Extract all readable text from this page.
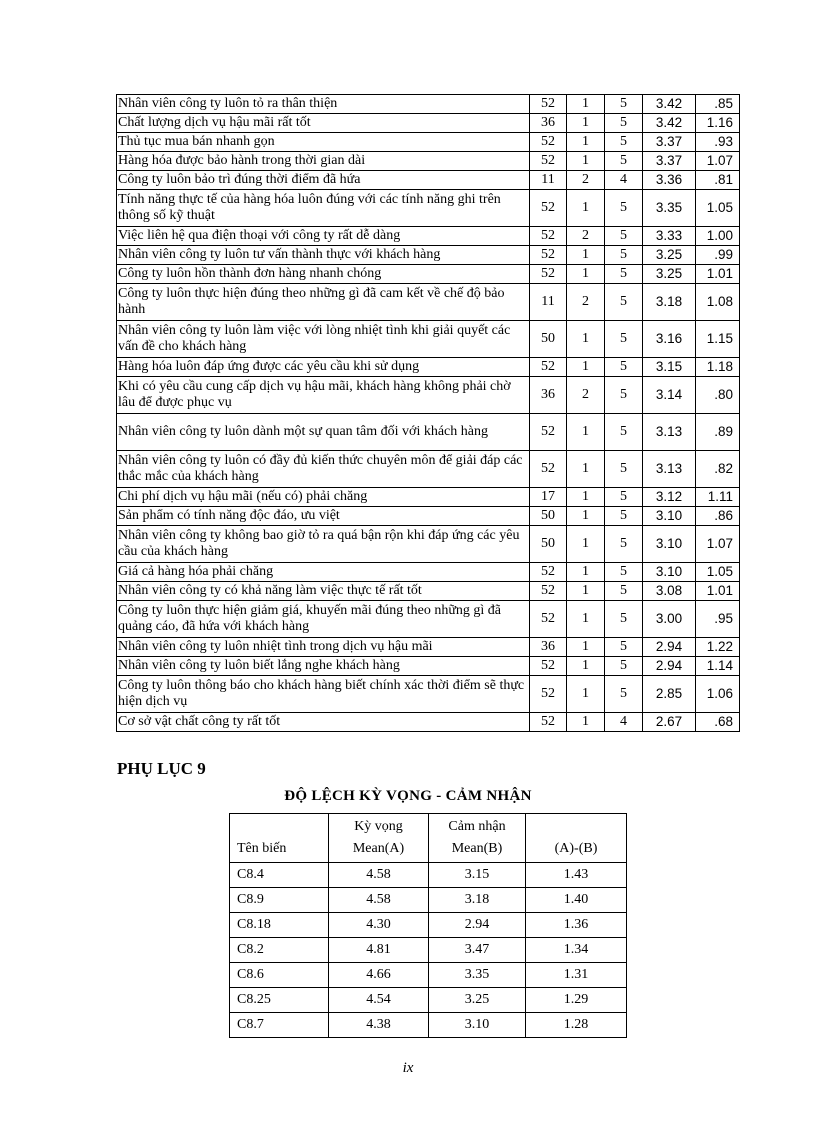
Nhân viên công ty luôn tỏ ra thân thiện	52	1	5	3.42	.85
Chất lượng dịch vụ hậu mãi rất tốt	36	1	5	3.42	1.16
Thủ tục mua bán nhanh gọn	52	1	5	3.37	.93
Hàng hóa được bảo hành trong thời gian dài	52	1	5	3.37	1.07
Công ty luôn bảo trì đúng thời điểm đã hứa	11	2	4	3.36	.81
Tính năng thực tế của hàng hóa luôn đúng với các tính năng ghi trên thông số kỹ thuật	52	1	5	3.35	1.05
Việc liên hệ qua điện thoại với công ty rất dễ dàng	52	2	5	3.33	1.00
Nhân viên công ty luôn tư vấn thành thực với khách hàng	52	1	5	3.25	.99
Công ty luôn hồn thành đơn hàng nhanh chóng	52	1	5	3.25	1.01
Công ty luôn thực hiện đúng theo những gì đã cam kết về chế độ bảo hành	11	2	5	3.18	1.08
Nhân viên công ty luôn làm việc với lòng nhiệt tình khi giải quyết các vấn đề cho khách hàng	50	1	5	3.16	1.15
Hàng hóa luôn đáp ứng được các yêu cầu khi sử dụng	52	1	5	3.15	1.18
Khi có yêu cầu cung cấp dịch vụ hậu mãi, khách hàng không phải chờ lâu để được phục vụ	36	2	5	3.14	.80
Nhân viên công ty luôn dành một sự quan tâm đối với khách hàng	52	1	5	3.13	.89
Nhân viên công ty luôn có đầy đủ kiến thức chuyên môn để giải đáp các thắc mắc của khách hàng	52	1	5	3.13	.82
Chi phí dịch vụ hậu mãi (nếu có) phải chăng	17	1	5	3.12	1.11
Sản phẩm có tính năng độc đáo, ưu việt	50	1	5	3.10	.86
Nhân viên công ty không bao giờ tỏ ra quá bận rộn khi đáp ứng các yêu cầu của khách hàng	50	1	5	3.10	1.07
Giá cả hàng hóa phải chăng	52	1	5	3.10	1.05
Nhân viên công ty có khả năng làm việc thực tế rất tốt	52	1	5	3.08	1.01
Công ty luôn thực hiện giảm giá, khuyến mãi đúng theo những gì đã quảng cáo, đã hứa với khách hàng	52	1	5	3.00	.95
Nhân viên công ty luôn nhiệt tình trong dịch vụ hậu mãi	36	1	5	2.94	1.22
Nhân viên công ty luôn biết lắng nghe khách hàng	52	1	5	2.94	1.14
Công ty luôn thông báo cho khách hàng biết chính xác thời điểm sẽ thực hiện dịch vụ	52	1	5	2.85	1.06
Cơ sở vật chất công ty rất tốt	52	1	4	2.67	.68
PHỤ LỤC 9
ĐỘ LỆCH KỲ VỌNG - CẢM NHẬN
	Kỳ vọng	Cảm nhận	
Tên biến	Mean(A)	Mean(B)	(A)-(B)
C8.4	4.58	3.15	1.43
C8.9	4.58	3.18	1.40
C8.18	4.30	2.94	1.36
C8.2	4.81	3.47	1.34
C8.6	4.66	3.35	1.31
C8.25	4.54	3.25	1.29
C8.7	4.38	3.10	1.28

ix
